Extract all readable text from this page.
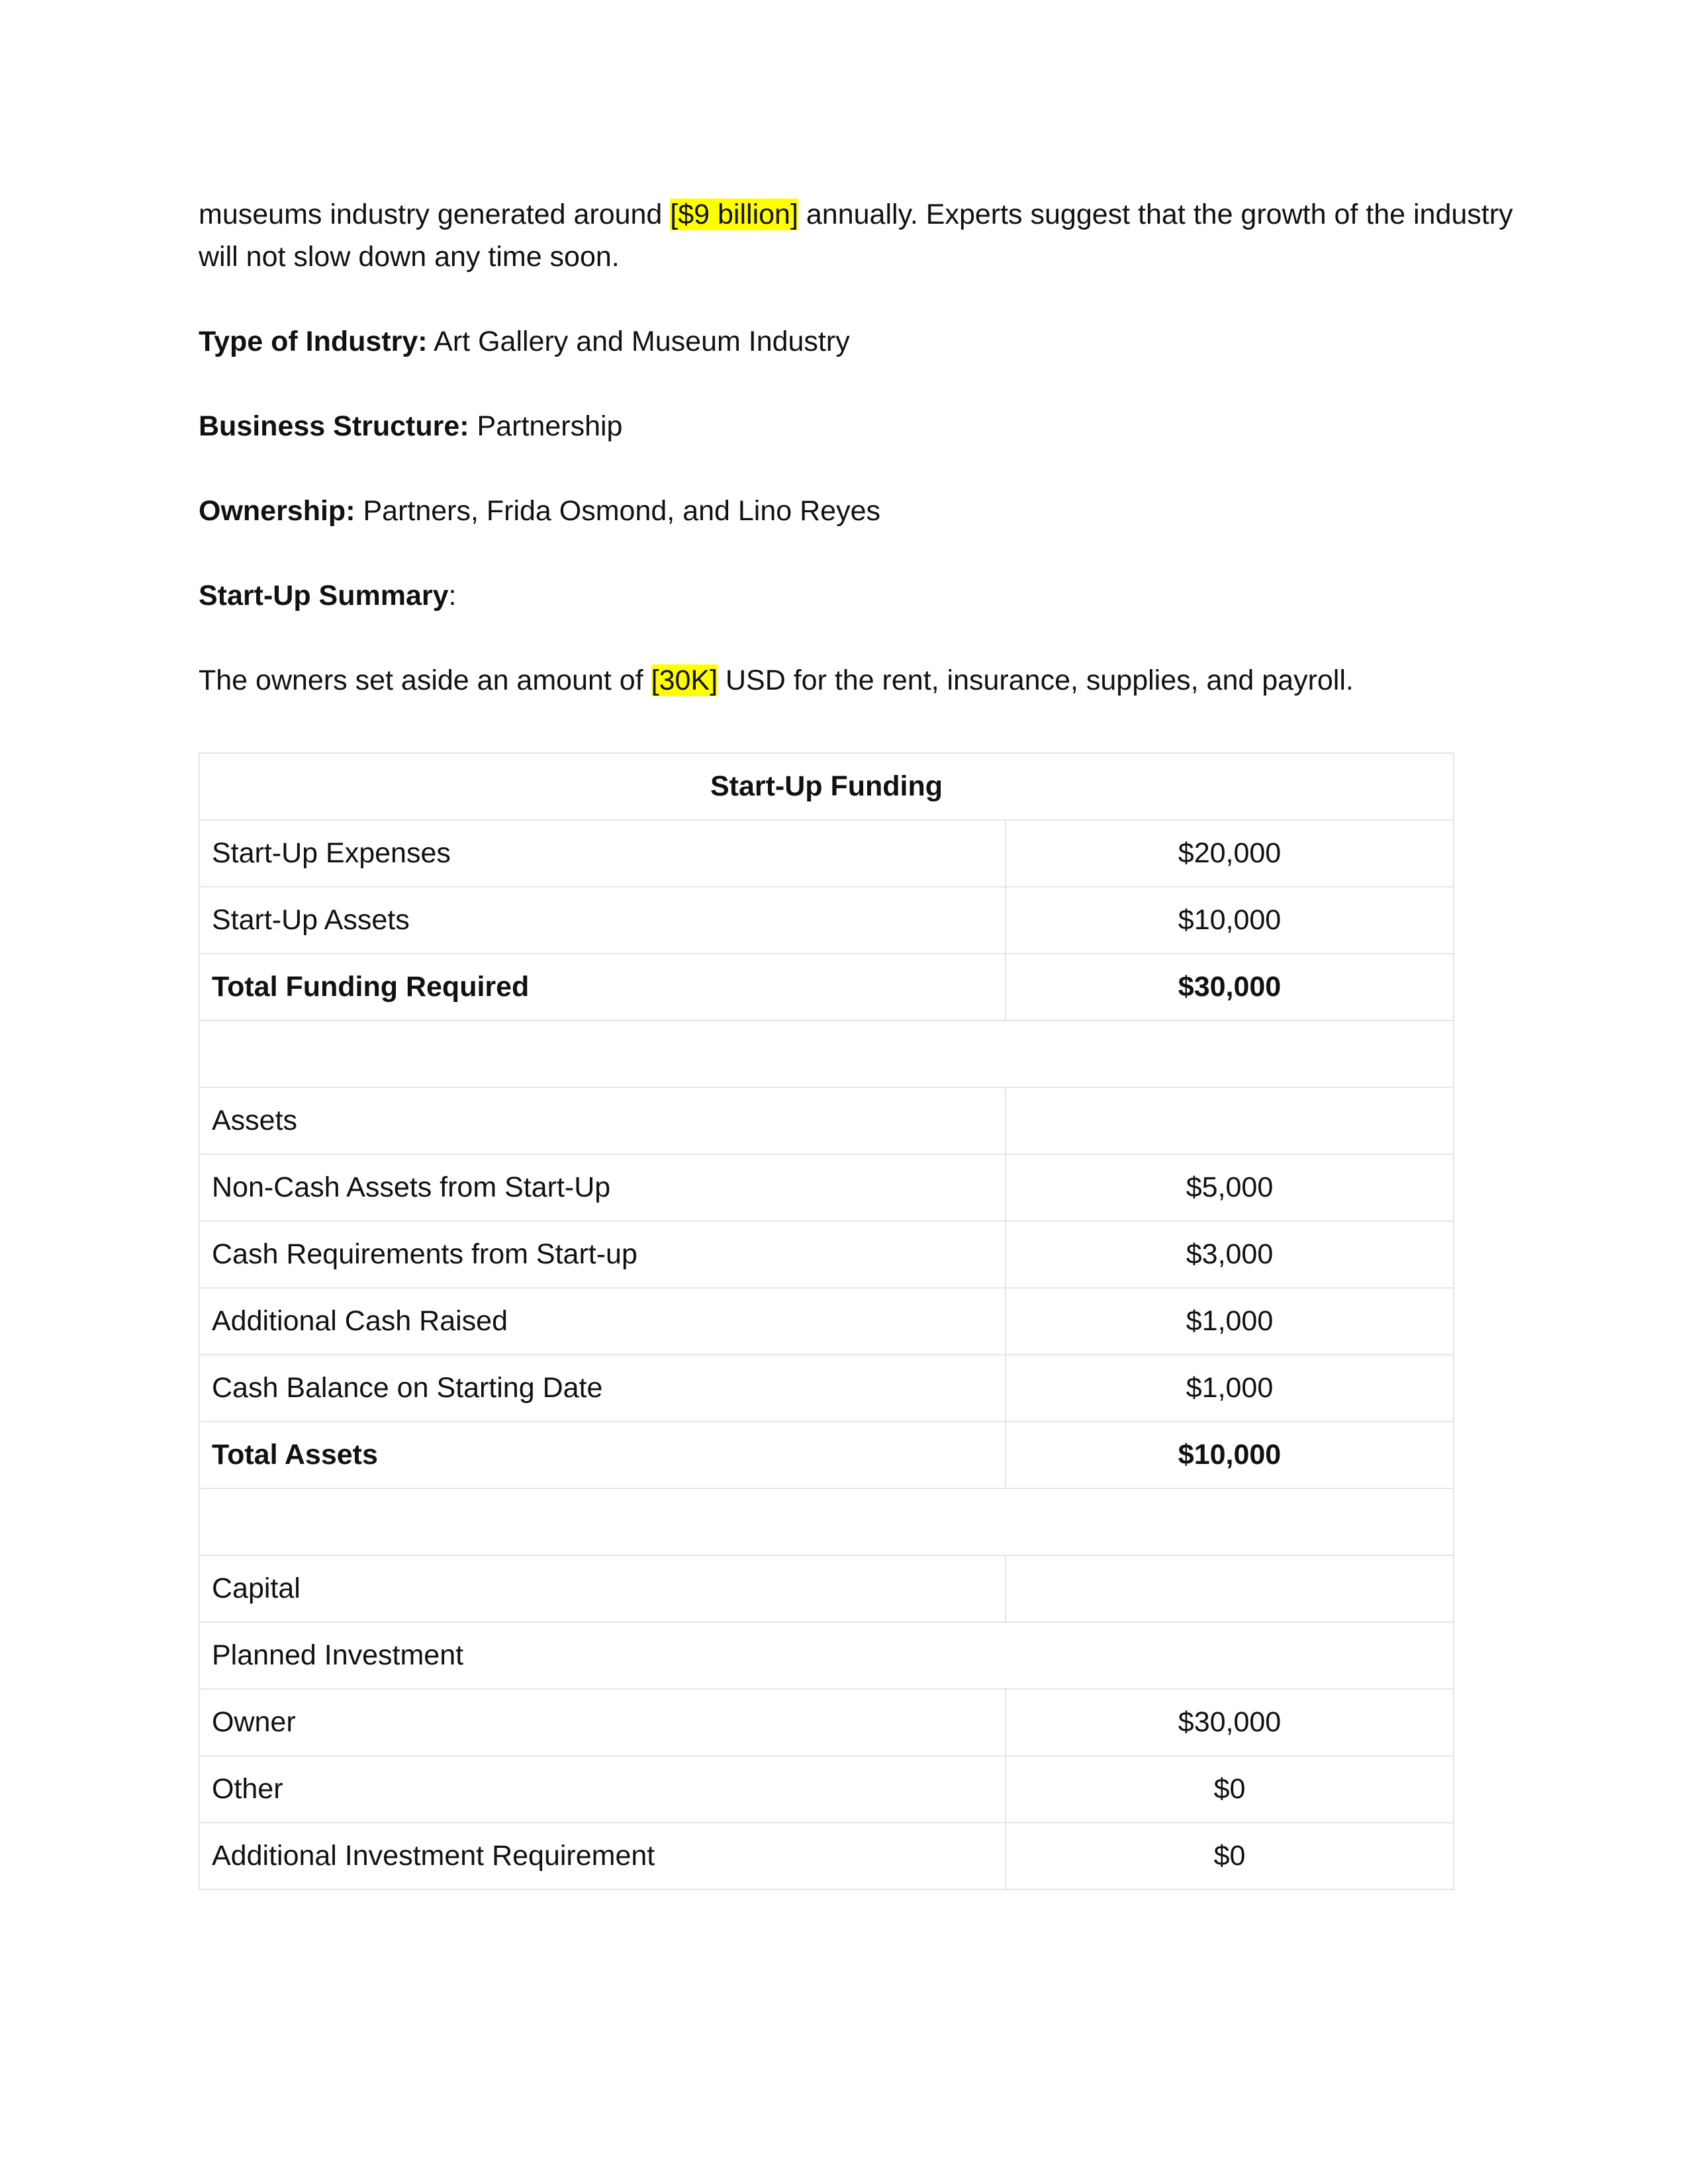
museums industry generated around [$9 billion] annually. Experts suggest that the growth of the industry
will not slow down any time soon.

Type of Industry: Art Gallery and Museum Industry

Business Structure: Partnership

Ownership: Partners, Frida Osmond, and Lino Reyes

Start-Up Summary:

The owners set aside an amount of [30K] USD for the rent, insurance, supplies, and payroll.

Start-Up Funding	
Start-Up Expenses	$20,000
Start-Up Assets	$10,000
Total Funding Required	$30,000

Assets	
Non-Cash Assets from Start-Up	$5,000
Cash Requirements from Start-up	$3,000
Additional Cash Raised	$1,000
Cash Balance on Starting Date	$1,000
Total Assets	$10,000

Capital	
Planned Investment	
Owner	$30,000
Other	$0
Additional Investment Requirement	$0
